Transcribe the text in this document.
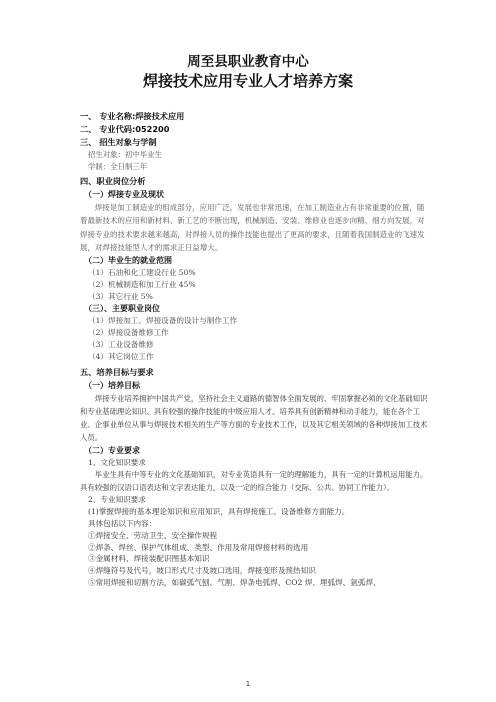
周至县职业教育中心
焊接技术应用专业人才培养方案
一、 专业名称:焊接技术应用
二、 专业代码:052200
三、 招生对象与学制
招生对象：初中毕业生
学制：全日制三年
四、职业岗位分析
（一）焊接专业及现状
焊接是加工制造业的组成部分，应用广泛，发展也非常迅速，在加工制造业占有非常重要的位置，随着最新技术的应用和新材料、新工艺的不断出现，机械制造、安装、维修业也逐步向精、细方向发展，对焊接专业的技术要求越来越高，对焊接人员的操作技能也提出了更高的要求，且随着我国制造业的飞速发展，对焊接技能型人才的需求正日益增大。
（二）毕业生的就业范围
（1）石油和化工建设行业 50%
（2）机械制造和加工行业 45%
（3）其它行业 5%
（三）、主要职业岗位
（1）焊接加工、焊接设备的设计与制作工作
（2）焊接设备维修工作
（3）工业设备维修
（4）其它岗位工作
五、培养目标与要求
（一）培养目标
焊接专业培养拥护中国共产党，坚持社会主义道路的德智体全面发展的、牢固掌握必须的文化基础知识和专业基础理论知识、具有较强的操作技能的中级应用人才。培养具有创新精神和动手能力，能在各个工业、企事业单位从事与焊接技术相关的生产等方面的专业技术工作，以及其它相关领域的各种焊接加工技术人员。
（二）专业要求
1、文化知识要求
毕业生具有中等专业的文化基础知识，对专业英语具有一定的理解能力，具有一定的计算机运用能力。具有较强的汉语口语表达和文字表达能力，以及一定的综合能力（交际、公共、协同工作能力）。
2、专业知识要求
(1)掌握焊接的基本理论知识和应用知识，具有焊接施工、设备维修方面能力。
具体包括以下内容：
①焊接安全、劳动卫生、安全操作规程
②焊条、焊丝、保护气体组成、类型、作用及常用焊接材料的选用
③金属材料、焊接装配识图基本知识
④焊缝符号及代号，坡口形式尺寸及坡口选用，焊接变形及预热知识
⑤常用焊接和切割方法，如碳弧气刨、气割、焊条电弧焊、CO2 焊、埋弧焊、氩弧焊、
1
